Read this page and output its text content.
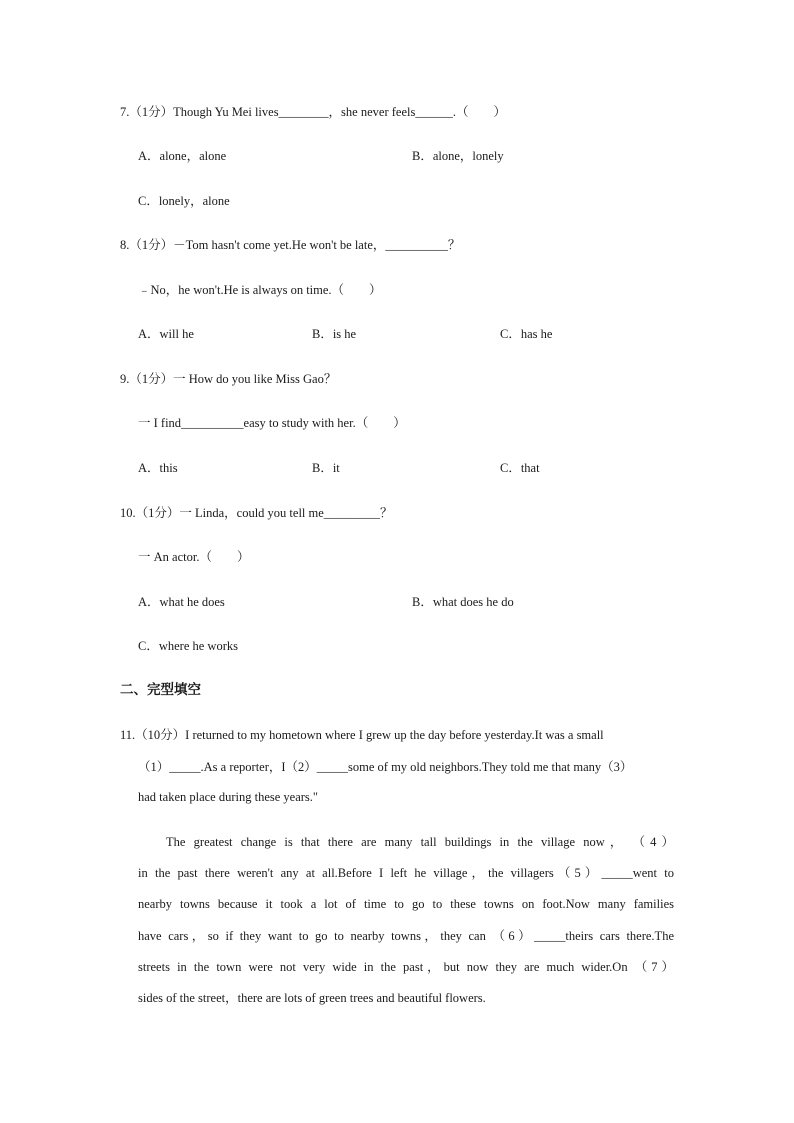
7.（1分）Though Yu Mei lives________，she never feels______.（　　）
A．alone，alone	B．alone，lonely
C．lonely，alone
8.（1分）－Tom hasn't come yet.He won't be late，__________？
﹣No，he won't.He is always on time.（　　）
A．will he	B．is he	C．has he
9.（1分）一 How do you like Miss Gao？
一 I find__________easy to study with her.（　　）
A．this	B．it	C．that
10.（1分）一 Linda，could you tell me_________？
一 An actor.（　　）
A．what he does	B．what does he do
C．where he works
二、完型填空
11.（10分）I returned to my hometown where I grew up the day before yesterday.It was a small
（1）_____.As a reporter，I（2）_____some of my old neighbors.They told me that many（3）
had taken place during these years."
The greatest change is that there are many tall buildings in the village now，　（4）
in the past there weren't any at all.Before I left he village，the villagers（5）_____went to
nearby towns because it took a lot of time to go to these towns on foot.Now many families
have cars，so if they want to go to nearby towns，they can （6）_____theirs cars there.The
streets in the town were not very wide in the past，but now they are much wider.On （7）
sides of the street，there are lots of green trees and beautiful flowers.
